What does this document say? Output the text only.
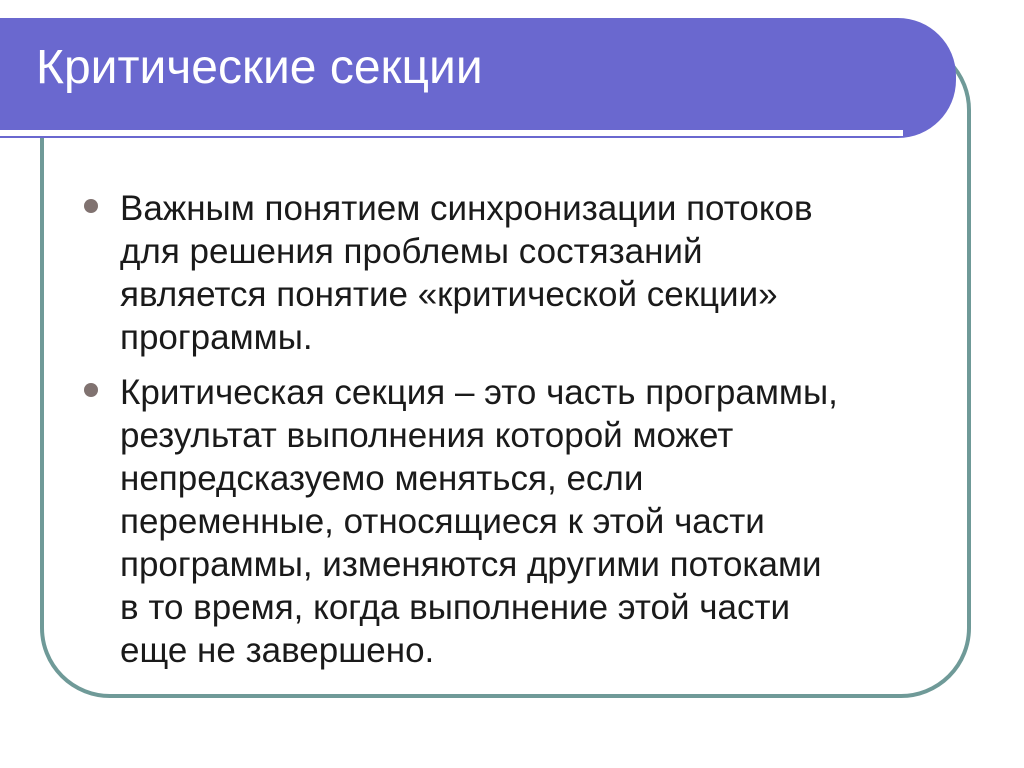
Критические секции
Важным понятием синхронизации потоков
для решения проблемы состязаний
является понятие «критической секции»
программы.
Критическая секция – это часть программы,
результат выполнения которой может
непредсказуемо меняться, если
переменные, относящиеся к этой части
программы, изменяются другими потоками
в то время, когда выполнение этой части
еще не завершено.
